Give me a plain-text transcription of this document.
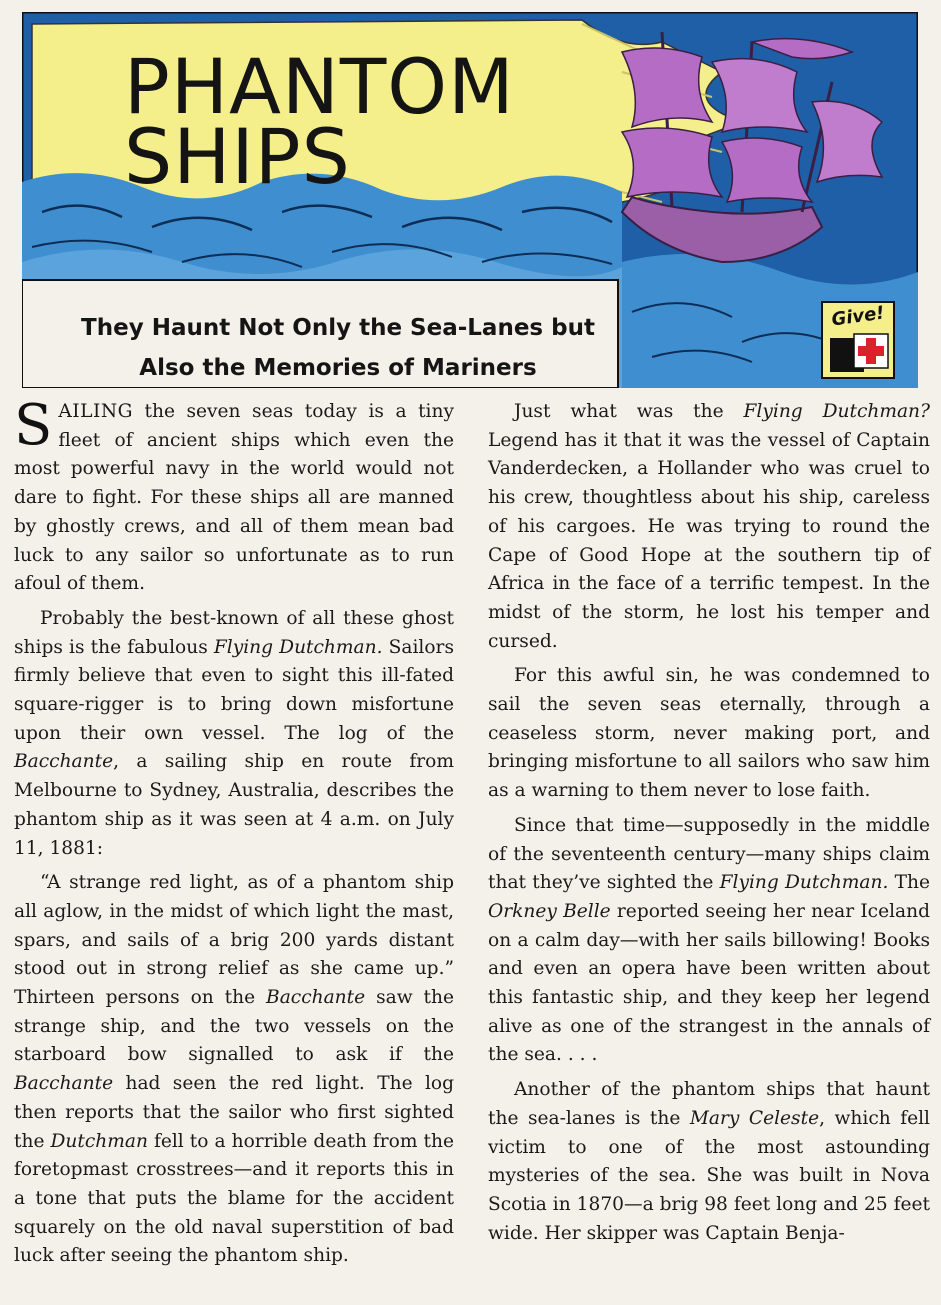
PHANTOM
SHIPS
They Haunt Not Only the Sea-Lanes but
Also the Memories of Mariners
Give!

SAILING the seven seas today is a tiny fleet of ancient ships which even the most powerful navy in the world would not dare to fight. For these ships all are manned by ghostly crews, and all of them mean bad luck to any sailor so unfortunate as to run afoul of them.

Probably the best-known of all these ghost ships is the fabulous Flying Dutchman. Sailors firmly believe that even to sight this ill-fated square-rigger is to bring down misfortune upon their own vessel. The log of the Bacchante, a sailing ship en route from Melbourne to Sydney, Australia, describes the phantom ship as it was seen at 4 a.m. on July 11, 1881:

“A strange red light, as of a phantom ship all aglow, in the midst of which light the mast, spars, and sails of a brig 200 yards distant stood out in strong relief as she came up.” Thirteen persons on the Bacchante saw the strange ship, and the two vessels on the starboard bow signalled to ask if the Bacchante had seen the red light. The log then reports that the sailor who first sighted the Dutchman fell to a horrible death from the foretopmast crosstrees—and it reports this in a tone that puts the blame for the accident squarely on the old naval superstition of bad luck after seeing the phantom ship.

Just what was the Flying Dutchman? Legend has it that it was the vessel of Captain Vanderdecken, a Hollander who was cruel to his crew, thoughtless about his ship, careless of his cargoes. He was trying to round the Cape of Good Hope at the southern tip of Africa in the face of a terrific tempest. In the midst of the storm, he lost his temper and cursed.

For this awful sin, he was condemned to sail the seven seas eternally, through a ceaseless storm, never making port, and bringing misfortune to all sailors who saw him as a warning to them never to lose faith.

Since that time—supposedly in the middle of the seventeenth century—many ships claim that they’ve sighted the Flying Dutchman. The Orkney Belle reported seeing her near Iceland on a calm day—with her sails billowing! Books and even an opera have been written about this fantastic ship, and they keep her legend alive as one of the strangest in the annals of the sea. . . .

Another of the phantom ships that haunt the sea-lanes is the Mary Celeste, which fell victim to one of the most astounding mysteries of the sea. She was built in Nova Scotia in 1870—a brig 98 feet long and 25 feet wide. Her skipper was Captain Benja-
